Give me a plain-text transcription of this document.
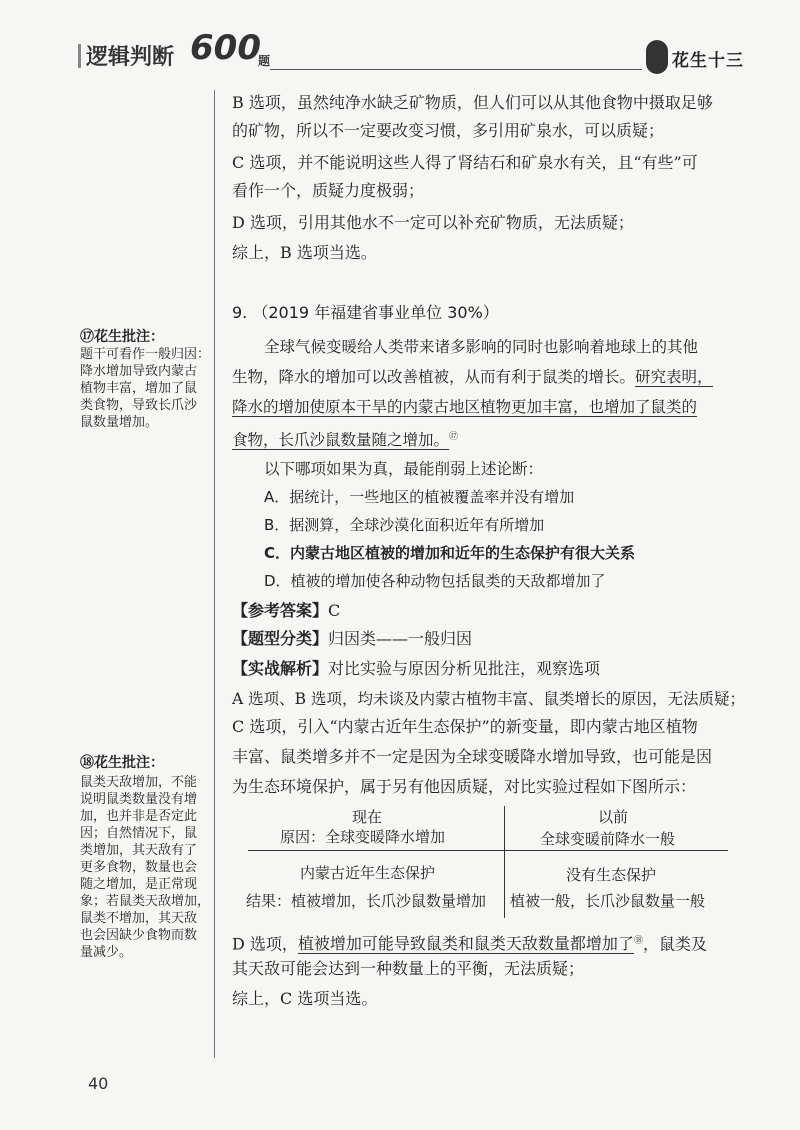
逻辑判断 600
题	花生十三
B 选项，虽然纯净水缺乏矿物质，但人们可以从其他食物中摄取足够
的矿物，所以不一定要改变习惯，多引用矿泉水，可以质疑；
C 选项，并不能说明这些人得了肾结石和矿泉水有关，且“有些”可
看作一个，质疑力度极弱；
D 选项，引用其他水不一定可以补充矿物质，无法质疑；
综上，B 选项当选。
9. （2019 年福建省事业单位 30%）
全球气候变暖给人类带来诸多影响的同时也影响着地球上的其他
生物，降水的增加可以改善植被，从而有利于鼠类的增长。研究表明，
降水的增加使原本干旱的内蒙古地区植物更加丰富，也增加了鼠类的
食物，长爪沙鼠数量随之增加。⑰
以下哪项如果为真，最能削弱上述论断：
A．据统计，一些地区的植被覆盖率并没有增加
B．据测算，全球沙漠化面积近年有所增加
C．内蒙古地区植被的增加和近年的生态保护有很大关系
D．植被的增加使各种动物包括鼠类的天敌都增加了
【参考答案】C
【题型分类】归因类——一般归因
【实战解析】对比实验与原因分析见批注，观察选项
A 选项、B 选项，均未谈及内蒙古植物丰富、鼠类增长的原因，无法质疑；
C 选项，引入“内蒙古近年生态保护”的新变量，即内蒙古地区植物
丰富、鼠类增多并不一定是因为全球变暖降水增加导致，也可能是因
为生态环境保护，属于另有他因质疑，对比实验过程如下图所示：
现在
原因：全球变暖降水增加
内蒙古近年生态保护
结果：植被增加，长爪沙鼠数量增加
以前
全球变暖前降水一般
没有生态保护
植被一般，长爪沙鼠数量一般
D 选项，植被增加可能导致鼠类和鼠类天敌数量都增加了⑱，鼠类及
其天敌可能会达到一种数量上的平衡，无法质疑；
综上，C 选项当选。
⑰花生批注：
题干可看作一般归因：
降水增加导致内蒙古
植物丰富，增加了鼠
类食物，导致长爪沙
鼠数量增加。
⑱花生批注：
鼠类天敌增加，不能
说明鼠类数量没有增
加，也并非是否定此
因；自然情况下，鼠
类增加，其天敌有了
更多食物，数量也会
随之增加，是正常现
象；若鼠类天敌增加，
鼠类不增加，其天敌
也会因缺少食物而数
量减少。
40
